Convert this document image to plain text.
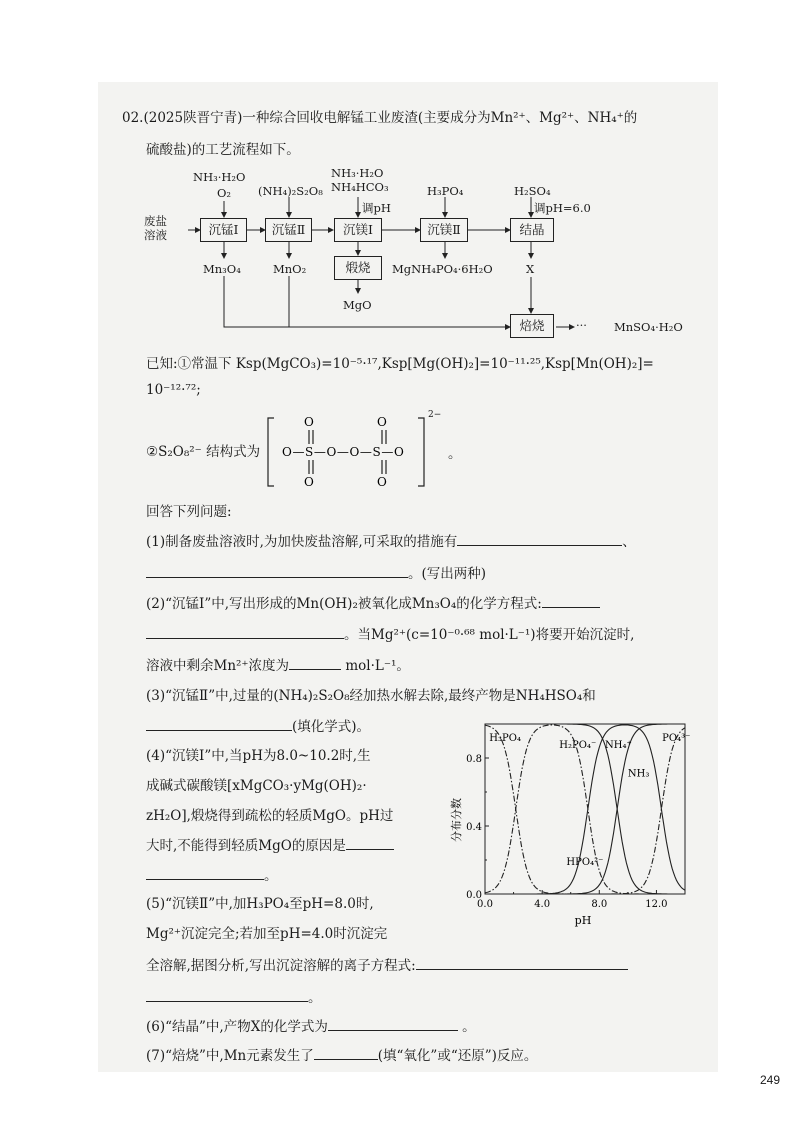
02.(2025陕晋宁青)一种综合回收电解锰工业废渣(主要成分为Mn²⁺、Mg²⁺、NH₄⁺的
硫酸盐)的工艺流程如下。
废盐
溶液
NH₃·H₂O
O₂ (NH₄)₂S₂O₈
NH₃·H₂O
NH₄HCO₃
调pH
H₃PO₄	H₂SO₄
调pH=6.0
沉锰Ⅰ	沉锰Ⅱ	沉镁Ⅰ	沉镁Ⅱ	结晶
煅烧
焙烧
Mn₃O₄	MnO₂
MgO
MgNH₄PO₄·6H₂O	X
··· MnSO₄·H₂O
已知:①常温下 Ksp(MgCO₃)=10⁻⁵·¹⁷,Ksp[Mg(OH)₂]=10⁻¹¹·²⁵,Ksp[Mn(OH)₂]=
10⁻¹²·⁷²;
②S₂O₈²⁻ 结构式为
O
O
O
O
O—S—O—O—S—O
2−
。
回答下列问题:
(1)制备废盐溶液时,为加快废盐溶解,可采取的措施有	、
。(写出两种)
(2)“沉锰Ⅰ”中,写出形成的Mn(OH)₂被氧化成Mn₃O₄的化学方程式:
。当Mg²⁺(c=10⁻⁰·⁶⁸ mol·L⁻¹)将要开始沉淀时,
溶液中剩余Mn²⁺浓度为	mol·L⁻¹。
(3)“沉锰Ⅱ”中,过量的(NH₄)₂S₂O₈经加热水解去除,最终产物是NH₄HSO₄和
(填化学式)。
(4)“沉镁Ⅰ”中,当pH为8.0~10.2时,生
成碱式碳酸镁[xMgCO₃·yMg(OH)₂·
zH₂O],煅烧得到疏松的轻质MgO。pH过
大时,不能得到轻质MgO的原因是
。
(5)“沉镁Ⅱ”中,加H₃PO₄至pH=8.0时,
Mg²⁺沉淀完全;若加至pH=4.0时沉淀完
全溶解,据图分析,写出沉淀溶解的离子方程式:
。
(6)“结晶”中,产物X的化学式为	。
(7)“焙烧”中,Mn元素发生了	(填“氧化”或“还原”)反应。
分布分数
pH
0.0	4.0	8.0	12.0
0.0
0.4
0.8
H₃PO₄
H₂PO₄⁻
HPO₄²⁻
PO₄³⁻
NH₄⁺
NH₃
249
